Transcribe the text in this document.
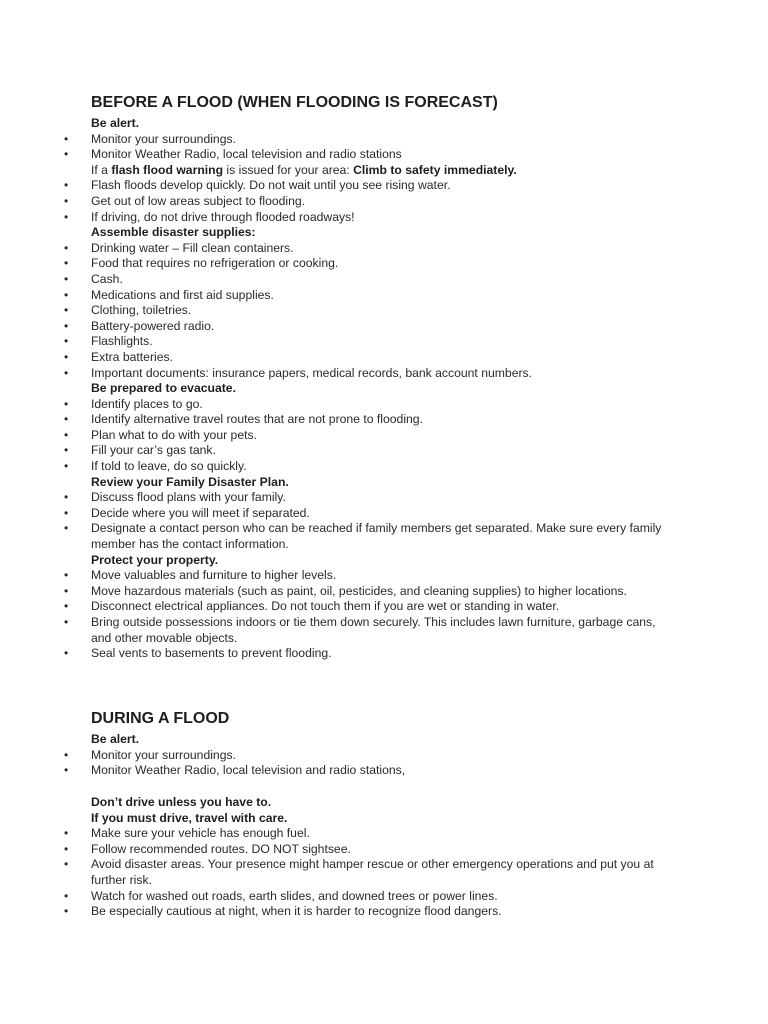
BEFORE A FLOOD (WHEN FLOODING IS FORECAST)
Be alert.
• Monitor your surroundings.
• Monitor Weather Radio, local television and radio stations
If a flash flood warning is issued for your area: Climb to safety immediately.
• Flash floods develop quickly. Do not wait until you see rising water.
• Get out of low areas subject to flooding.
• If driving, do not drive through flooded roadways!
Assemble disaster supplies:
• Drinking water – Fill clean containers.
• Food that requires no refrigeration or cooking.
• Cash.
• Medications and first aid supplies.
• Clothing, toiletries.
• Battery-powered radio.
• Flashlights.
• Extra batteries.
• Important documents: insurance papers, medical records, bank account numbers.
Be prepared to evacuate.
• Identify places to go.
• Identify alternative travel routes that are not prone to flooding.
• Plan what to do with your pets.
• Fill your car’s gas tank.
• If told to leave, do so quickly.
Review your Family Disaster Plan.
• Discuss flood plans with your family.
• Decide where you will meet if separated.
• Designate a contact person who can be reached if family members get separated. Make sure every family member has the contact information.
Protect your property.
• Move valuables and furniture to higher levels.
• Move hazardous materials (such as paint, oil, pesticides, and cleaning supplies) to higher locations.
• Disconnect electrical appliances. Do not touch them if you are wet or standing in water.
• Bring outside possessions indoors or tie them down securely. This includes lawn furniture, garbage cans, and other movable objects.
• Seal vents to basements to prevent flooding.
DURING A FLOOD
Be alert.
• Monitor your surroundings.
• Monitor Weather Radio, local television and radio stations,
Don’t drive unless you have to.
If you must drive, travel with care.
• Make sure your vehicle has enough fuel.
• Follow recommended routes. DO NOT sightsee.
• Avoid disaster areas. Your presence might hamper rescue or other emergency operations and put you at further risk.
• Watch for washed out roads, earth slides, and downed trees or power lines.
• Be especially cautious at night, when it is harder to recognize flood dangers.
